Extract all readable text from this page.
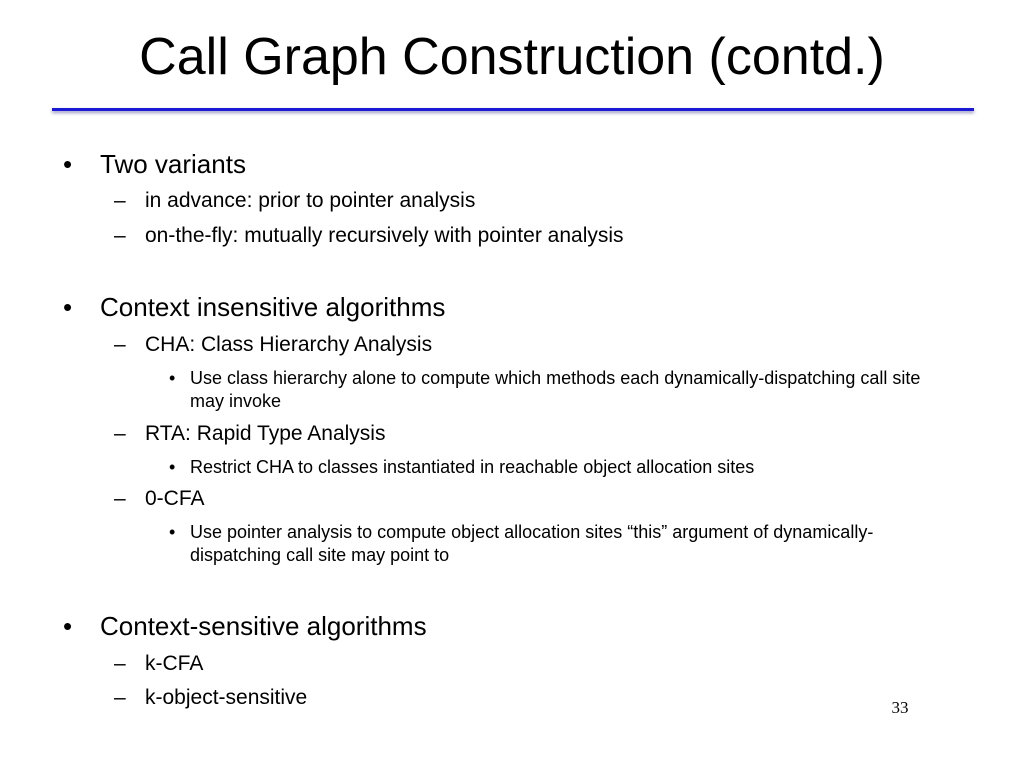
Call Graph Construction (contd.)
• Two variants
– in advance: prior to pointer analysis
– on-the-fly: mutually recursively with pointer analysis
• Context insensitive algorithms
– CHA: Class Hierarchy Analysis
• Use class hierarchy alone to compute which methods each dynamically-dispatching call site may invoke
– RTA: Rapid Type Analysis
• Restrict CHA to classes instantiated in reachable object allocation sites
– 0-CFA
• Use pointer analysis to compute object allocation sites “this” argument of dynamically-dispatching call site may point to
• Context-sensitive algorithms
– k-CFA
– k-object-sensitive	33
